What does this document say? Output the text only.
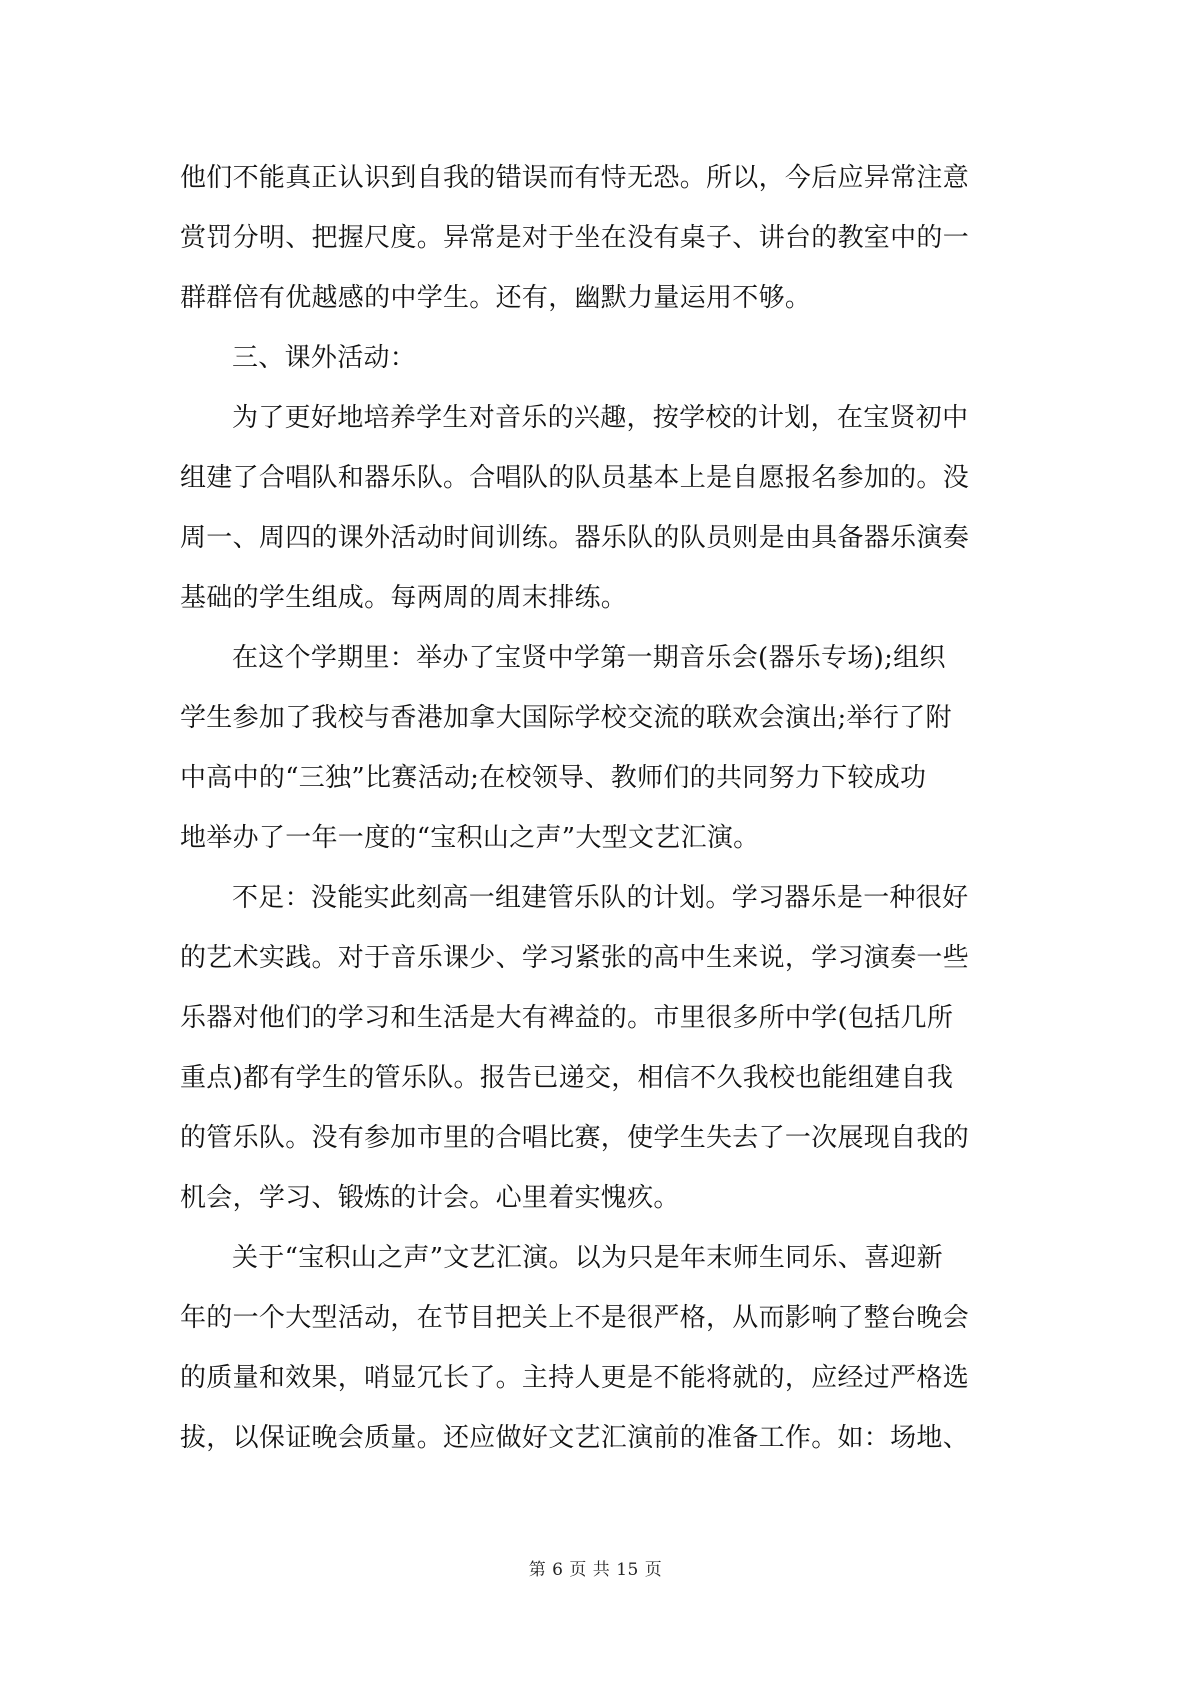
他们不能真正认识到自我的错误而有恃无恐。所以，今后应异常注意
赏罚分明、把握尺度。异常是对于坐在没有桌子、讲台的教室中的一
群群倍有优越感的中学生。还有，幽默力量运用不够。

三、课外活动：

为了更好地培养学生对音乐的兴趣，按学校的计划，在宝贤初中
组建了合唱队和器乐队。合唱队的队员基本上是自愿报名参加的。没
周一、周四的课外活动时间训练。器乐队的队员则是由具备器乐演奏
基础的学生组成。每两周的周末排练。

在这个学期里：举办了宝贤中学第一期音乐会(器乐专场);组织
学生参加了我校与香港加拿大国际学校交流的联欢会演出;举行了附
中高中的“三独”比赛活动;在校领导、教师们的共同努力下较成功
地举办了一年一度的“宝积山之声”大型文艺汇演。

不足：没能实此刻高一组建管乐队的计划。学习器乐是一种很好
的艺术实践。对于音乐课少、学习紧张的高中生来说，学习演奏一些
乐器对他们的学习和生活是大有裨益的。市里很多所中学(包括几所
重点)都有学生的管乐队。报告已递交，相信不久我校也能组建自我
的管乐队。没有参加市里的合唱比赛，使学生失去了一次展现自我的
机会，学习、锻炼的计会。心里着实愧疚。

关于“宝积山之声”文艺汇演。以为只是年末师生同乐、喜迎新
年的一个大型活动，在节目把关上不是很严格，从而影响了整台晚会
的质量和效果，哨显冗长了。主持人更是不能将就的，应经过严格选
拔，以保证晚会质量。还应做好文艺汇演前的准备工作。如：场地、

第 6 页 共 15 页
